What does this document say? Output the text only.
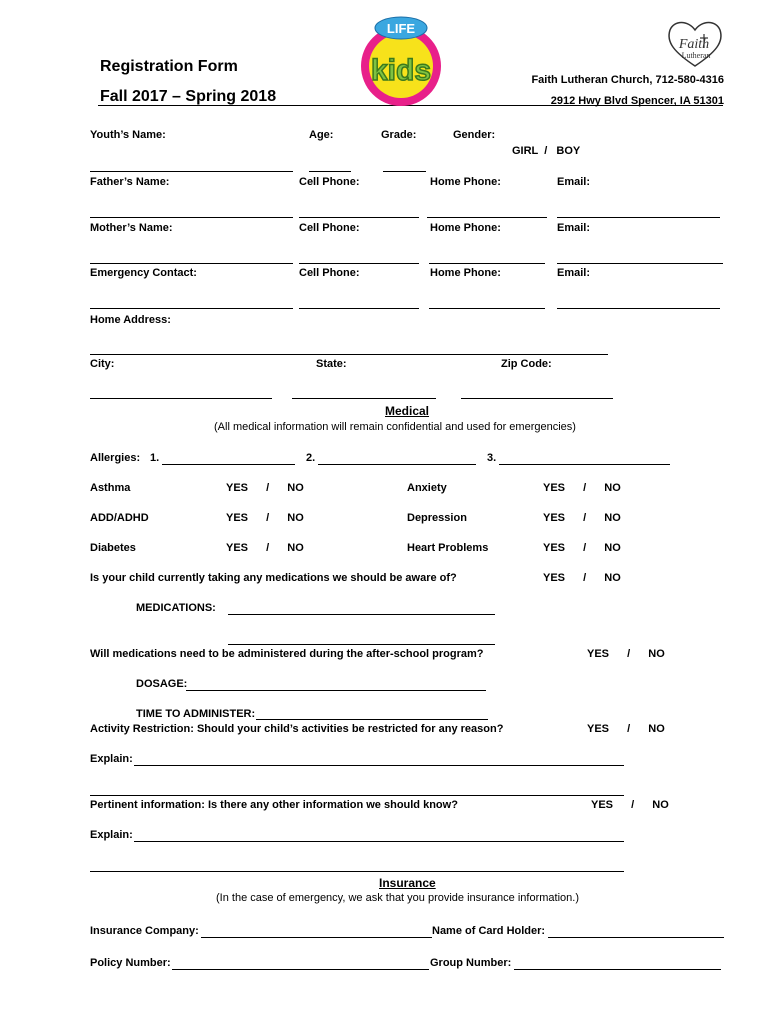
Registration Form
Fall 2017 – Spring 2018
LIFE
kids
Faith
Lutheran
Faith Lutheran Church, 712-580-4316
2912 Hwy Blvd Spencer, IA 51301
Youth’s Name:	Age:	Grade:	Gender:
GIRL  /   BOY
Father’s Name:	Cell Phone:	Home Phone:	Email:
Mother’s Name:	Cell Phone:	Home Phone:	Email:
Emergency Contact:	Cell Phone:	Home Phone:	Email:
Home Address:
City:	State:	Zip Code:
Medical
(All medical information will remain confidential and used for emergencies)
Allergies: 1.	2.	3.
Asthma	YES  /  NO	Anxiety	YES  /  NO
ADD/ADHD	YES  /  NO	Depression	YES  /  NO
Diabetes	YES  /  NO	Heart Problems	YES  /  NO
Is your child currently taking any medications we should be aware of?	YES  /  NO
MEDICATIONS:
Will medications need to be administered during the after-school program?	YES  /  NO
DOSAGE:
TIME TO ADMINISTER:
Activity Restriction: Should your child’s activities be restricted for any reason?	YES  /  NO
Explain:
Pertinent information: Is there any other information we should know?	YES  /  NO
Explain:
Insurance
(In the case of emergency, we ask that you provide insurance information.)
Insurance Company:	Name of Card Holder:
Policy Number:	Group Number:
